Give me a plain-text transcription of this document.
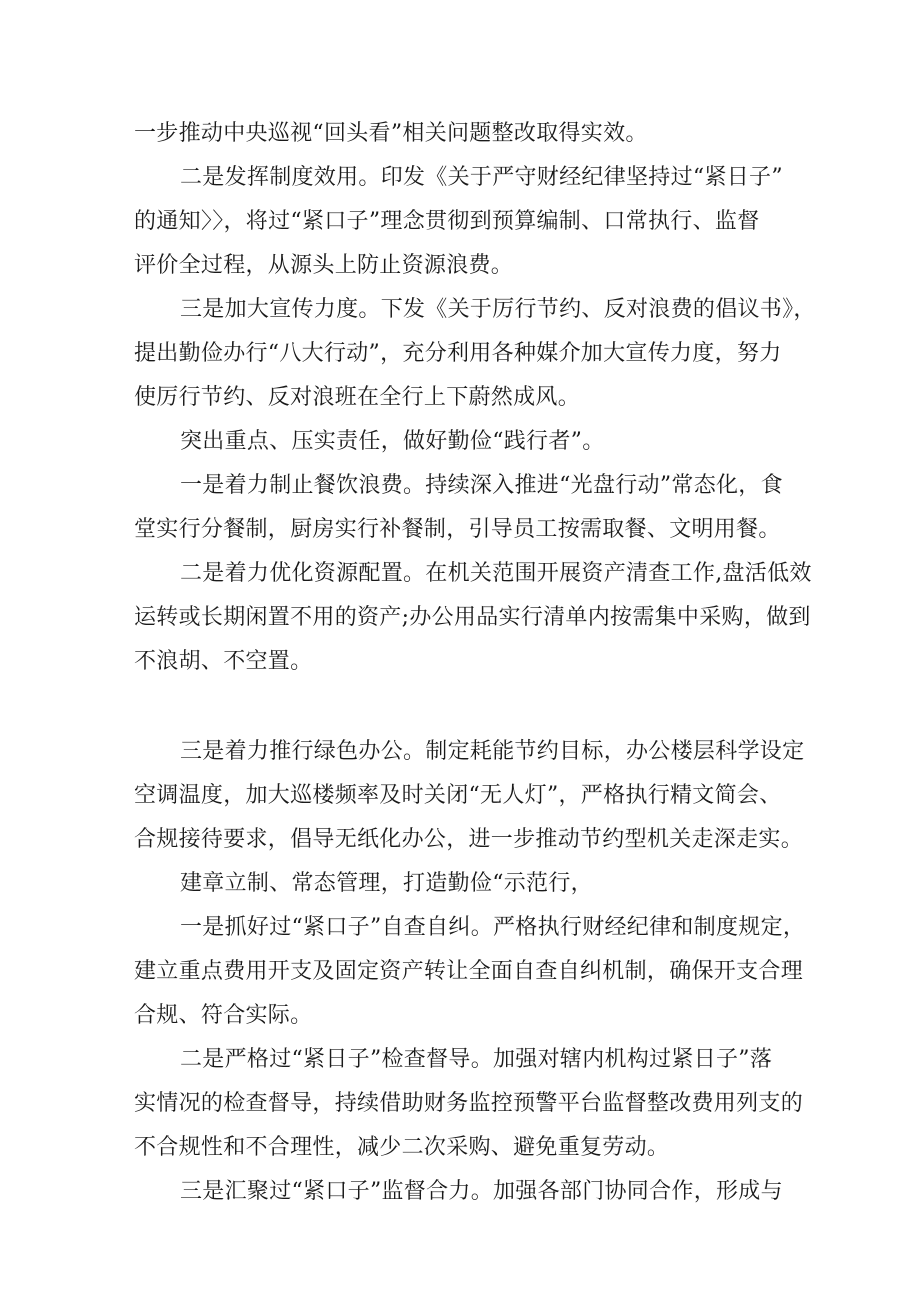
一步推动中央巡视“回头看”相关问题整改取得实效。
二是发挥制度效用。印发《关于严守财经纪律坚持过“紧日子”
的通知〉〉，将过“紧口子”理念贯彻到预算编制、口常执行、监督
评价全过程，从源头上防止资源浪费。
三是加大宣传力度。下发《关于厉行节约、反对浪费的倡议书》，
提出勤俭办行“八大行动”，充分利用各种媒介加大宣传力度，努力
使厉行节约、反对浪班在全行上下蔚然成风。
突出重点、压实责任，做好勤俭“践行者”。
一是着力制止餐饮浪费。持续深入推进“光盘行动”常态化，食
堂实行分餐制，厨房实行补餐制，引导员工按需取餐、文明用餐。
二是着力优化资源配置。在机关范围开展资产清查工作,盘活低效
运转或长期闲置不用的资产;办公用品实行清单内按需集中采购，做到
不浪胡、不空置。
三是着力推行绿色办公。制定耗能节约目标，办公楼层科学设定
空调温度，加大巡楼频率及时关闭“无人灯”，严格执行精文简会、
合规接待要求，倡导无纸化办公，进一步推动节约型机关走深走实。
建章立制、常态管理，打造勤俭“示范行，
一是抓好过“紧口子”自查自纠。严格执行财经纪律和制度规定，
建立重点费用开支及固定资产转让全面自查自纠机制，确保开支合理
合规、符合实际。
二是严格过“紧日子”检查督导。加强对辖内机构过紧日子”落
实情况的检查督导，持续借助财务监控预警平台监督整改费用列支的
不合规性和不合理性，减少二次采购、避免重复劳动。
三是汇聚过“紧口子”监督合力。加强各部门协同合作，形成与
